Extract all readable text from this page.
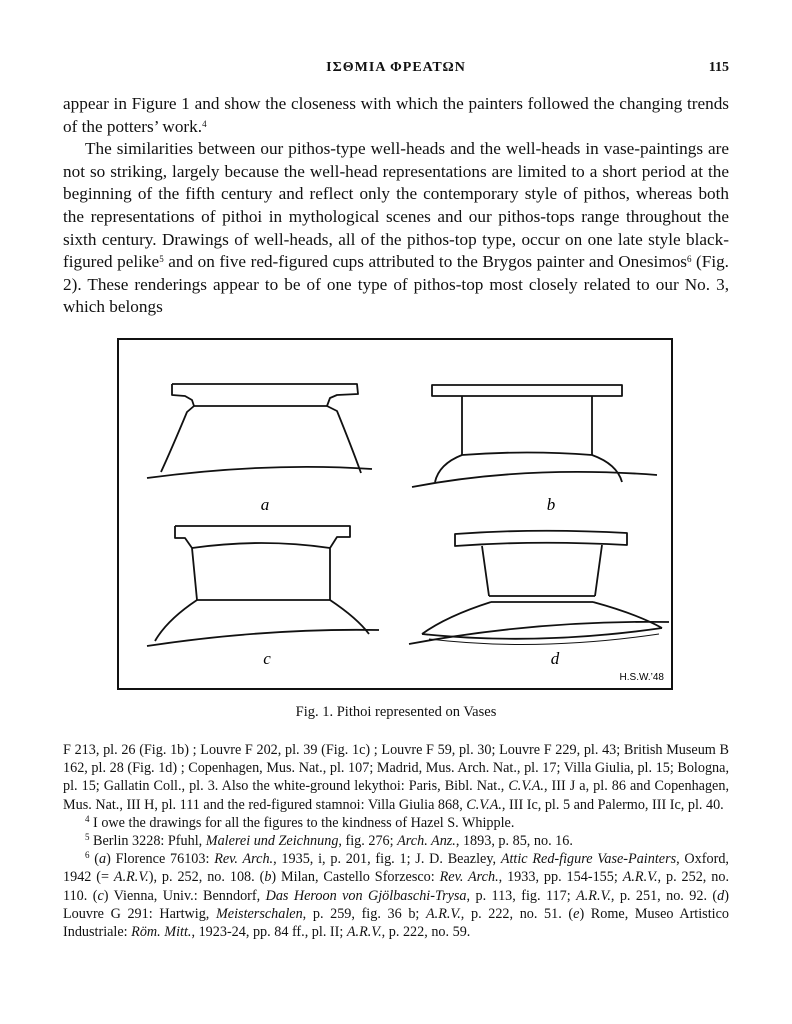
ΙΣΘΜΙΑ ΦΡΕΑΤΩΝ	115

appear in Figure 1 and show the closeness with which the painters followed the changing trends of the potters’ work.$^4$

The similarities between our pithos-type well-heads and the well-heads in vase-paintings are not so striking, largely because the well-head representations are limited to a short period at the beginning of the fifth century and reflect only the contemporary style of pithos, whereas both the representations of pithoi in mythological scenes and our pithos-tops range throughout the sixth century. Drawings of well-heads, all of the pithos-top type, occur on one late style black-figured pelike$^5$ and on five red-figured cups attributed to the Brygos painter and Onesimos$^6$ (Fig. 2). These renderings appear to be of one type of pithos-top most closely related to our No. 3, which belongs

a	b
c	d
H.S.W.’48
Fig. 1. Pithoi represented on Vases

F 213, pl. 26 (Fig. 1b) ; Louvre F 202, pl. 39 (Fig. 1c) ; Louvre F 59, pl. 30; Louvre F 229, pl. 43; British Museum B 162, pl. 28 (Fig. 1d) ; Copenhagen, Mus. Nat., pl. 107; Madrid, Mus. Arch. Nat., pl. 17; Villa Giulia, pl. 15; Bologna, pl. 15; Gallatin Coll., pl. 3. Also the white-ground lekythoi: Paris, Bibl. Nat., C.V.A., III J a, pl. 86 and Copenhagen, Mus. Nat., III H, pl. 111 and the red-figured stamnoi: Villa Giulia 868, C.V.A., III Ic, pl. 5 and Palermo, III Ic, pl. 40.

$^4$ I owe the drawings for all the figures to the kindness of Hazel S. Whipple.

$^5$ Berlin 3228: Pfuhl, Malerei und Zeichnung, fig. 276; Arch. Anz., 1893, p. 85, no. 16.

$^6$ (a) Florence 76103: Rev. Arch., 1935, i, p. 201, fig. 1; J. D. Beazley, Attic Red-figure Vase-Painters, Oxford, 1942 (= A.R.V.), p. 252, no. 108. (b) Milan, Castello Sforzesco: Rev. Arch., 1933, pp. 154-155; A.R.V., p. 252, no. 110. (c) Vienna, Univ.: Benndorf, Das Heroon von Gjölbaschi-Trysa, p. 113, fig. 117; A.R.V., p. 251, no. 92. (d) Louvre G 291: Hartwig, Meisterschalen, p. 259, fig. 36 b; A.R.V., p. 222, no. 51. (e) Rome, Museo Artistico Industriale: Röm. Mitt., 1923-24, pp. 84 ff., pl. II; A.R.V., p. 222, no. 59.
